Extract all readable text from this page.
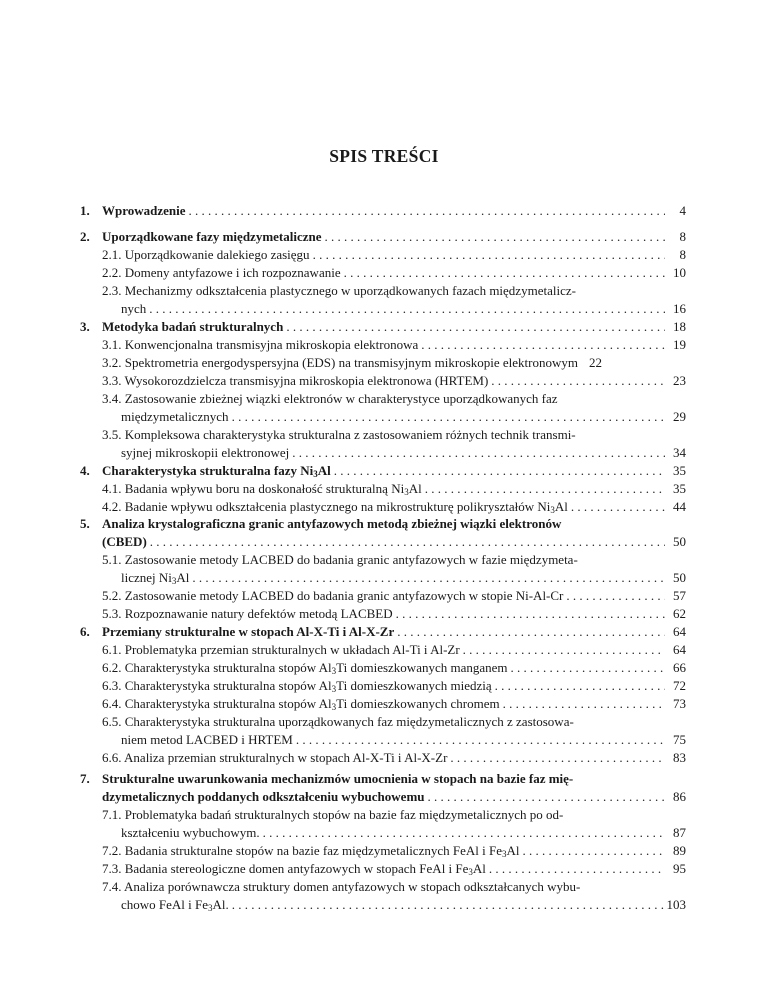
SPIS TREŚCI
1. Wprowadzenie . . .	4
2. Uporządkowane fazy międzymetaliczne . . .	8
2.1. Uporządkowanie dalekiego zasięgu . . .	8
2.2. Domeny antyfazowe i ich rozpoznawanie . . .	10
2.3. Mechanizmy odkształcenia plastycznego w uporządkowanych fazach międzymetalicz-
nych . . .	16
3. Metodyka badań strukturalnych . . .	18
3.1. Konwencjonalna transmisyjna mikroskopia elektronowa . . .	19
3.2. Spektrometria energodyspersyjna (EDS) na transmisyjnym mikroskopie elektronowym 22
3.3. Wysokorozdzielcza transmisyjna mikroskopia elektronowa (HRTEM) . . .	23
3.4. Zastosowanie zbieżnej wiązki elektronów w charakterystyce uporządkowanych faz
międzymetalicznych . . .	29
3.5. Kompleksowa charakterystyka strukturalna z zastosowaniem różnych technik transmi-
syjnej mikroskopii elektronowej . . .	34
4. Charakterystyka strukturalna fazy $Ni_3Al$ . . .	35
4.1. Badania wpływu boru na doskonałość strukturalną $Ni_3Al$ . . .	35
4.2. Badanie wpływu odkształcenia plastycznego na mikrostrukturę polikryształów $Ni_3Al$ . . .	44
5. Analiza krystalograficzna granic antyfazowych metodą zbieżnej wiązki elektronów
(CBED) . . .	50
5.1. Zastosowanie metody LACBED do badania granic antyfazowych w fazie międzymeta-
licznej $Ni_3Al$ . . .	50
5.2. Zastosowanie metody LACBED do badania granic antyfazowych w stopie Ni-Al-Cr . . .	57
5.3. Rozpoznawanie natury defektów metodą LACBED . . .	62
6. Przemiany strukturalne w stopach Al-X-Ti i Al-X-Zr . . .	64
6.1. Problematyka przemian strukturalnych w układach Al-Ti i Al-Zr . . .	64
6.2. Charakterystyka strukturalna stopów $Al_3Ti$ domieszkowanych manganem . . .	66
6.3. Charakterystyka strukturalna stopów $Al_3Ti$ domieszkowanych miedzią . . .	72
6.4. Charakterystyka strukturalna stopów $Al_3Ti$ domieszkowanych chromem . . .	73
6.5. Charakterystyka strukturalna uporządkowanych faz międzymetalicznych z zastosowa-
niem metod LACBED i HRTEM . . .	75
6.6. Analiza przemian strukturalnych w stopach Al-X-Ti i Al-X-Zr . . .	83
7. Strukturalne uwarunkowania mechanizmów umocnienia w stopach na bazie faz mię-
dzymetalicznych poddanych odkształceniu wybuchowemu . . .	86
7.1. Problematyka badań strukturalnych stopów na bazie faz międzymetalicznych po od-
kształceniu wybuchowym. . . .	87
7.2. Badania strukturalne stopów na bazie faz międzymetalicznych FeAl i $Fe_3Al$ . . .	89
7.3. Badania stereologiczne domen antyfazowych w stopach FeAl i $Fe_3Al$ . . .	95
7.4. Analiza porównawcza struktury domen antyfazowych w stopach odkształcanych wybu-
chowo FeAl i $Fe_3Al$. . . .	103
